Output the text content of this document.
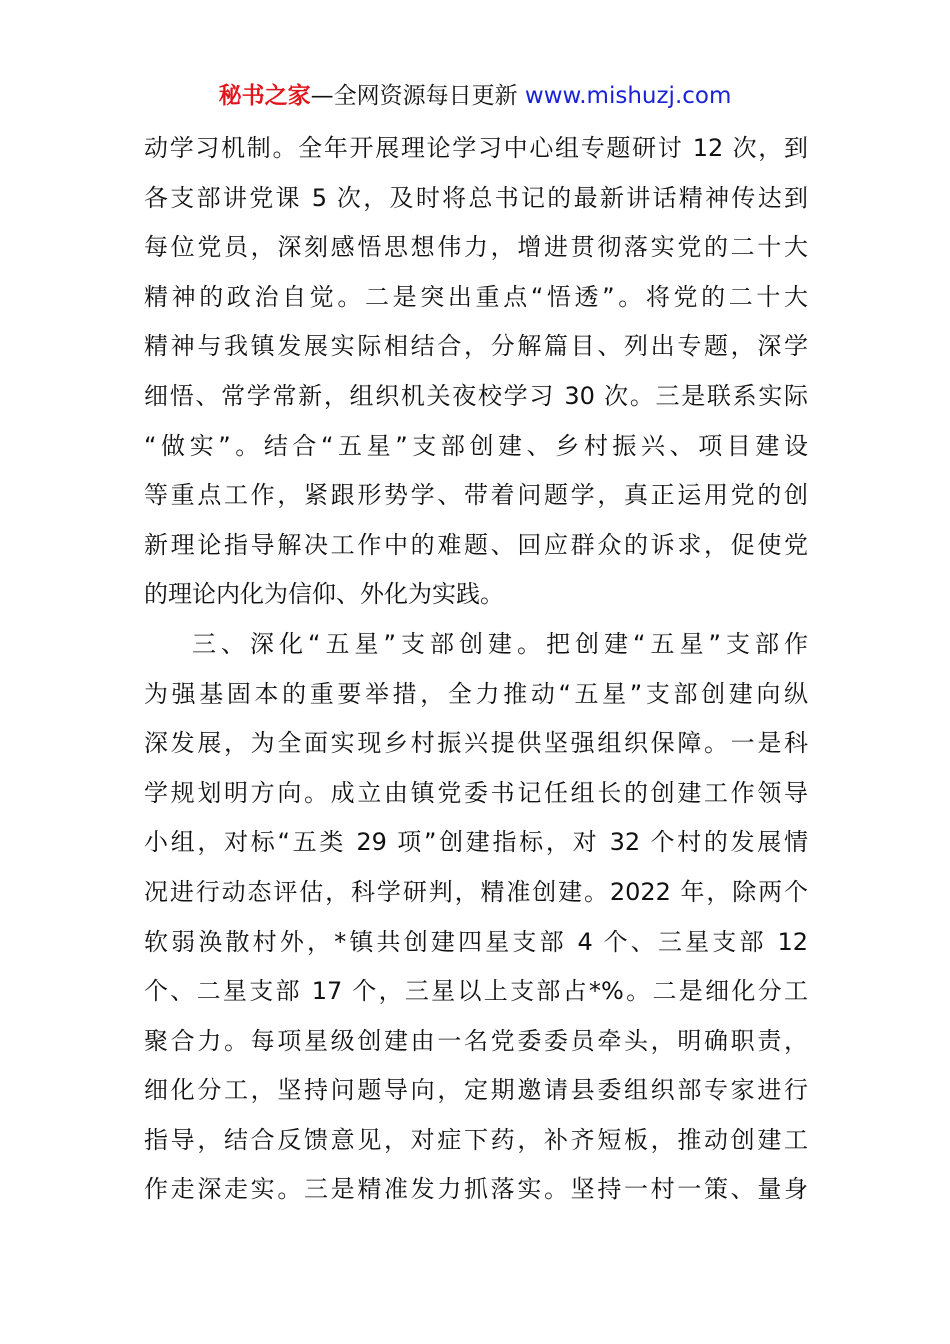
秘书之家—全网资源每日更新 www.mishuzj.com
动学习机制。全年开展理论学习中心组专题研讨 12 次，到
各支部讲党课 5 次，及时将总书记的最新讲话精神传达到
每位党员，深刻感悟思想伟力，增进贯彻落实党的二十大
精神的政治自觉。二是突出重点“悟透”。将党的二十大
精神与我镇发展实际相结合，分解篇目、列出专题，深学
细悟、常学常新，组织机关夜校学习 30 次。三是联系实际
“做实”。结合“五星”支部创建、乡村振兴、项目建设
等重点工作，紧跟形势学、带着问题学，真正运用党的创
新理论指导解决工作中的难题、回应群众的诉求，促使党
的理论内化为信仰、外化为实践。
三、深化“五星”支部创建。把创建“五星”支部作
为强基固本的重要举措，全力推动“五星”支部创建向纵
深发展，为全面实现乡村振兴提供坚强组织保障。一是科
学规划明方向。成立由镇党委书记任组长的创建工作领导
小组，对标“五类 29 项”创建指标，对 32 个村的发展情
况进行动态评估，科学研判，精准创建。2022 年，除两个
软弱涣散村外，*镇共创建四星支部 4 个、三星支部 12
个、二星支部 17 个，三星以上支部占*%。二是细化分工
聚合力。每项星级创建由一名党委委员牵头，明确职责，
细化分工，坚持问题导向，定期邀请县委组织部专家进行
指导，结合反馈意见，对症下药，补齐短板，推动创建工
作走深走实。三是精准发力抓落实。坚持一村一策、量身
